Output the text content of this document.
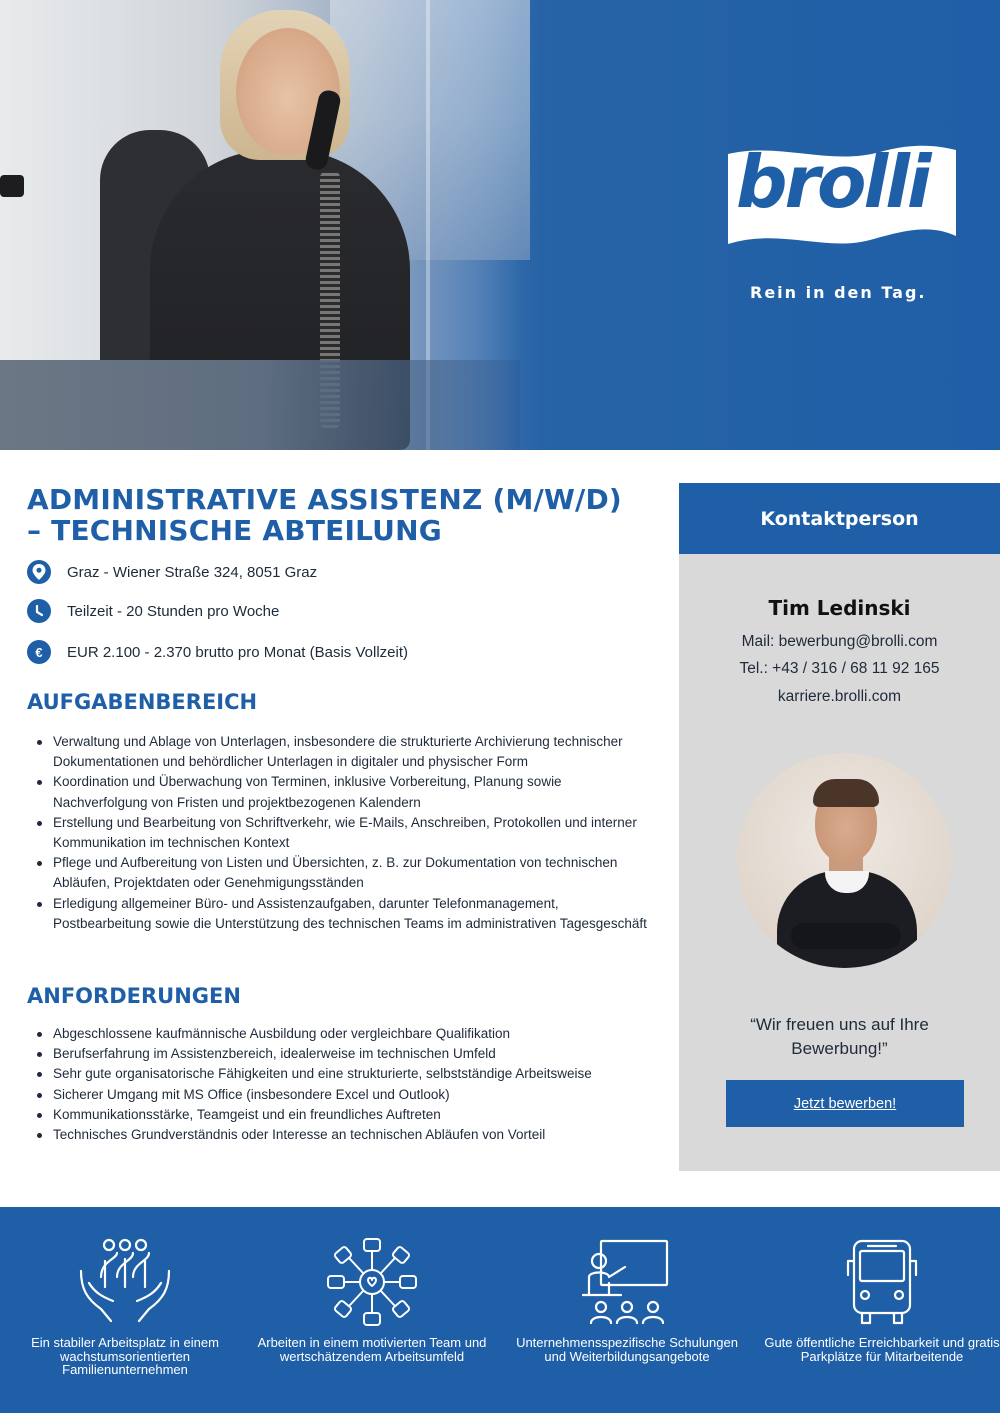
brolli
Rein in den Tag.
ADMINISTRATIVE ASSISTENZ (M/W/D)
– TECHNISCHE ABTEILUNG
Graz - Wiener Straße 324, 8051 Graz
Teilzeit - 20 Stunden pro Woche
€	EUR 2.100 - 2.370 brutto pro Monat (Basis Vollzeit)
AUFGABENBEREICH
Verwaltung und Ablage von Unterlagen, insbesondere die strukturierte Archivierung technischer Dokumentationen und behördlicher Unterlagen in digitaler und physischer Form
Koordination und Überwachung von Terminen, inklusive Vorbereitung, Planung sowie Nachverfolgung von Fristen und projektbezogenen Kalendern
Erstellung und Bearbeitung von Schriftverkehr, wie E-Mails, Anschreiben, Protokollen und interner Kommunikation im technischen Kontext
Pflege und Aufbereitung von Listen und Übersichten, z. B. zur Dokumentation von technischen Abläufen, Projektdaten oder Genehmigungsständen
Erledigung allgemeiner Büro- und Assistenzaufgaben, darunter Telefonmanagement, Postbearbeitung sowie die Unterstützung des technischen Teams im administrativen Tagesgeschäft
ANFORDERUNGEN
Abgeschlossene kaufmännische Ausbildung oder vergleichbare Qualifikation
Berufserfahrung im Assistenzbereich, idealerweise im technischen Umfeld
Sehr gute organisatorische Fähigkeiten und eine strukturierte, selbstständige Arbeitsweise
Sicherer Umgang mit MS Office (insbesondere Excel und Outlook)
Kommunikationsstärke, Teamgeist und ein freundliches Auftreten
Technisches Grundverständnis oder Interesse an technischen Abläufen von Vorteil
Kontaktperson
Tim Ledinski
Mail: bewerbung@brolli.com
Tel.: +43 / 316 / 68 11 92 165
karriere.brolli.com
“Wir freuen uns auf Ihre Bewerbung!”
Jetzt bewerben!
Ein stabiler Arbeitsplatz in einem wachstumsorientierten Familienunternehmen
Arbeiten in einem motivierten Team und wertschätzendem Arbeitsumfeld
Unternehmensspezifische Schulungen und Weiterbildungsangebote
Gute öffentliche Erreichbarkeit und gratis Parkplätze für Mitarbeitende
